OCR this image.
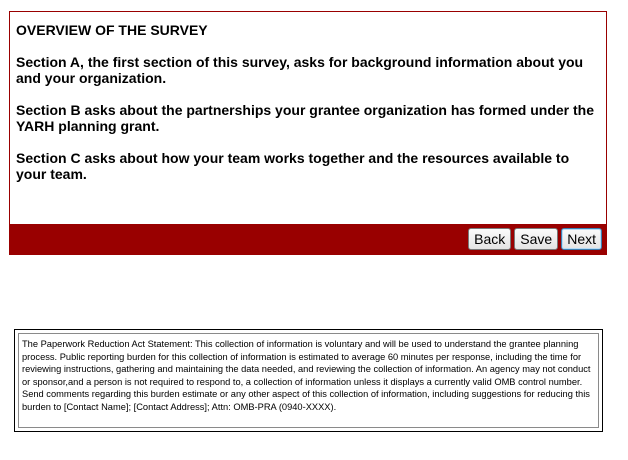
OVERVIEW OF THE SURVEY

Section A, the first section of this survey, asks for background information about you and your organization.

Section B asks about the partnerships your grantee organization has formed under the YARH planning grant.

Section C asks about how your team works together and the resources available to your team.

Back	Save	Next
The Paperwork Reduction Act Statement: This collection of information is voluntary and will be used to understand the grantee planning process. Public reporting burden for this collection of information is estimated to average 60 minutes per response, including the time for reviewing instructions, gathering and maintaining the data needed, and reviewing the collection of information. An agency may not conduct or sponsor,and a person is not required to respond to, a collection of information unless it displays a currently valid OMB control number. Send comments regarding this burden estimate or any other aspect of this collection of information, including suggestions for reducing this burden to [Contact Name]; [Contact Address]; Attn: OMB-PRA (0940-XXXX).
